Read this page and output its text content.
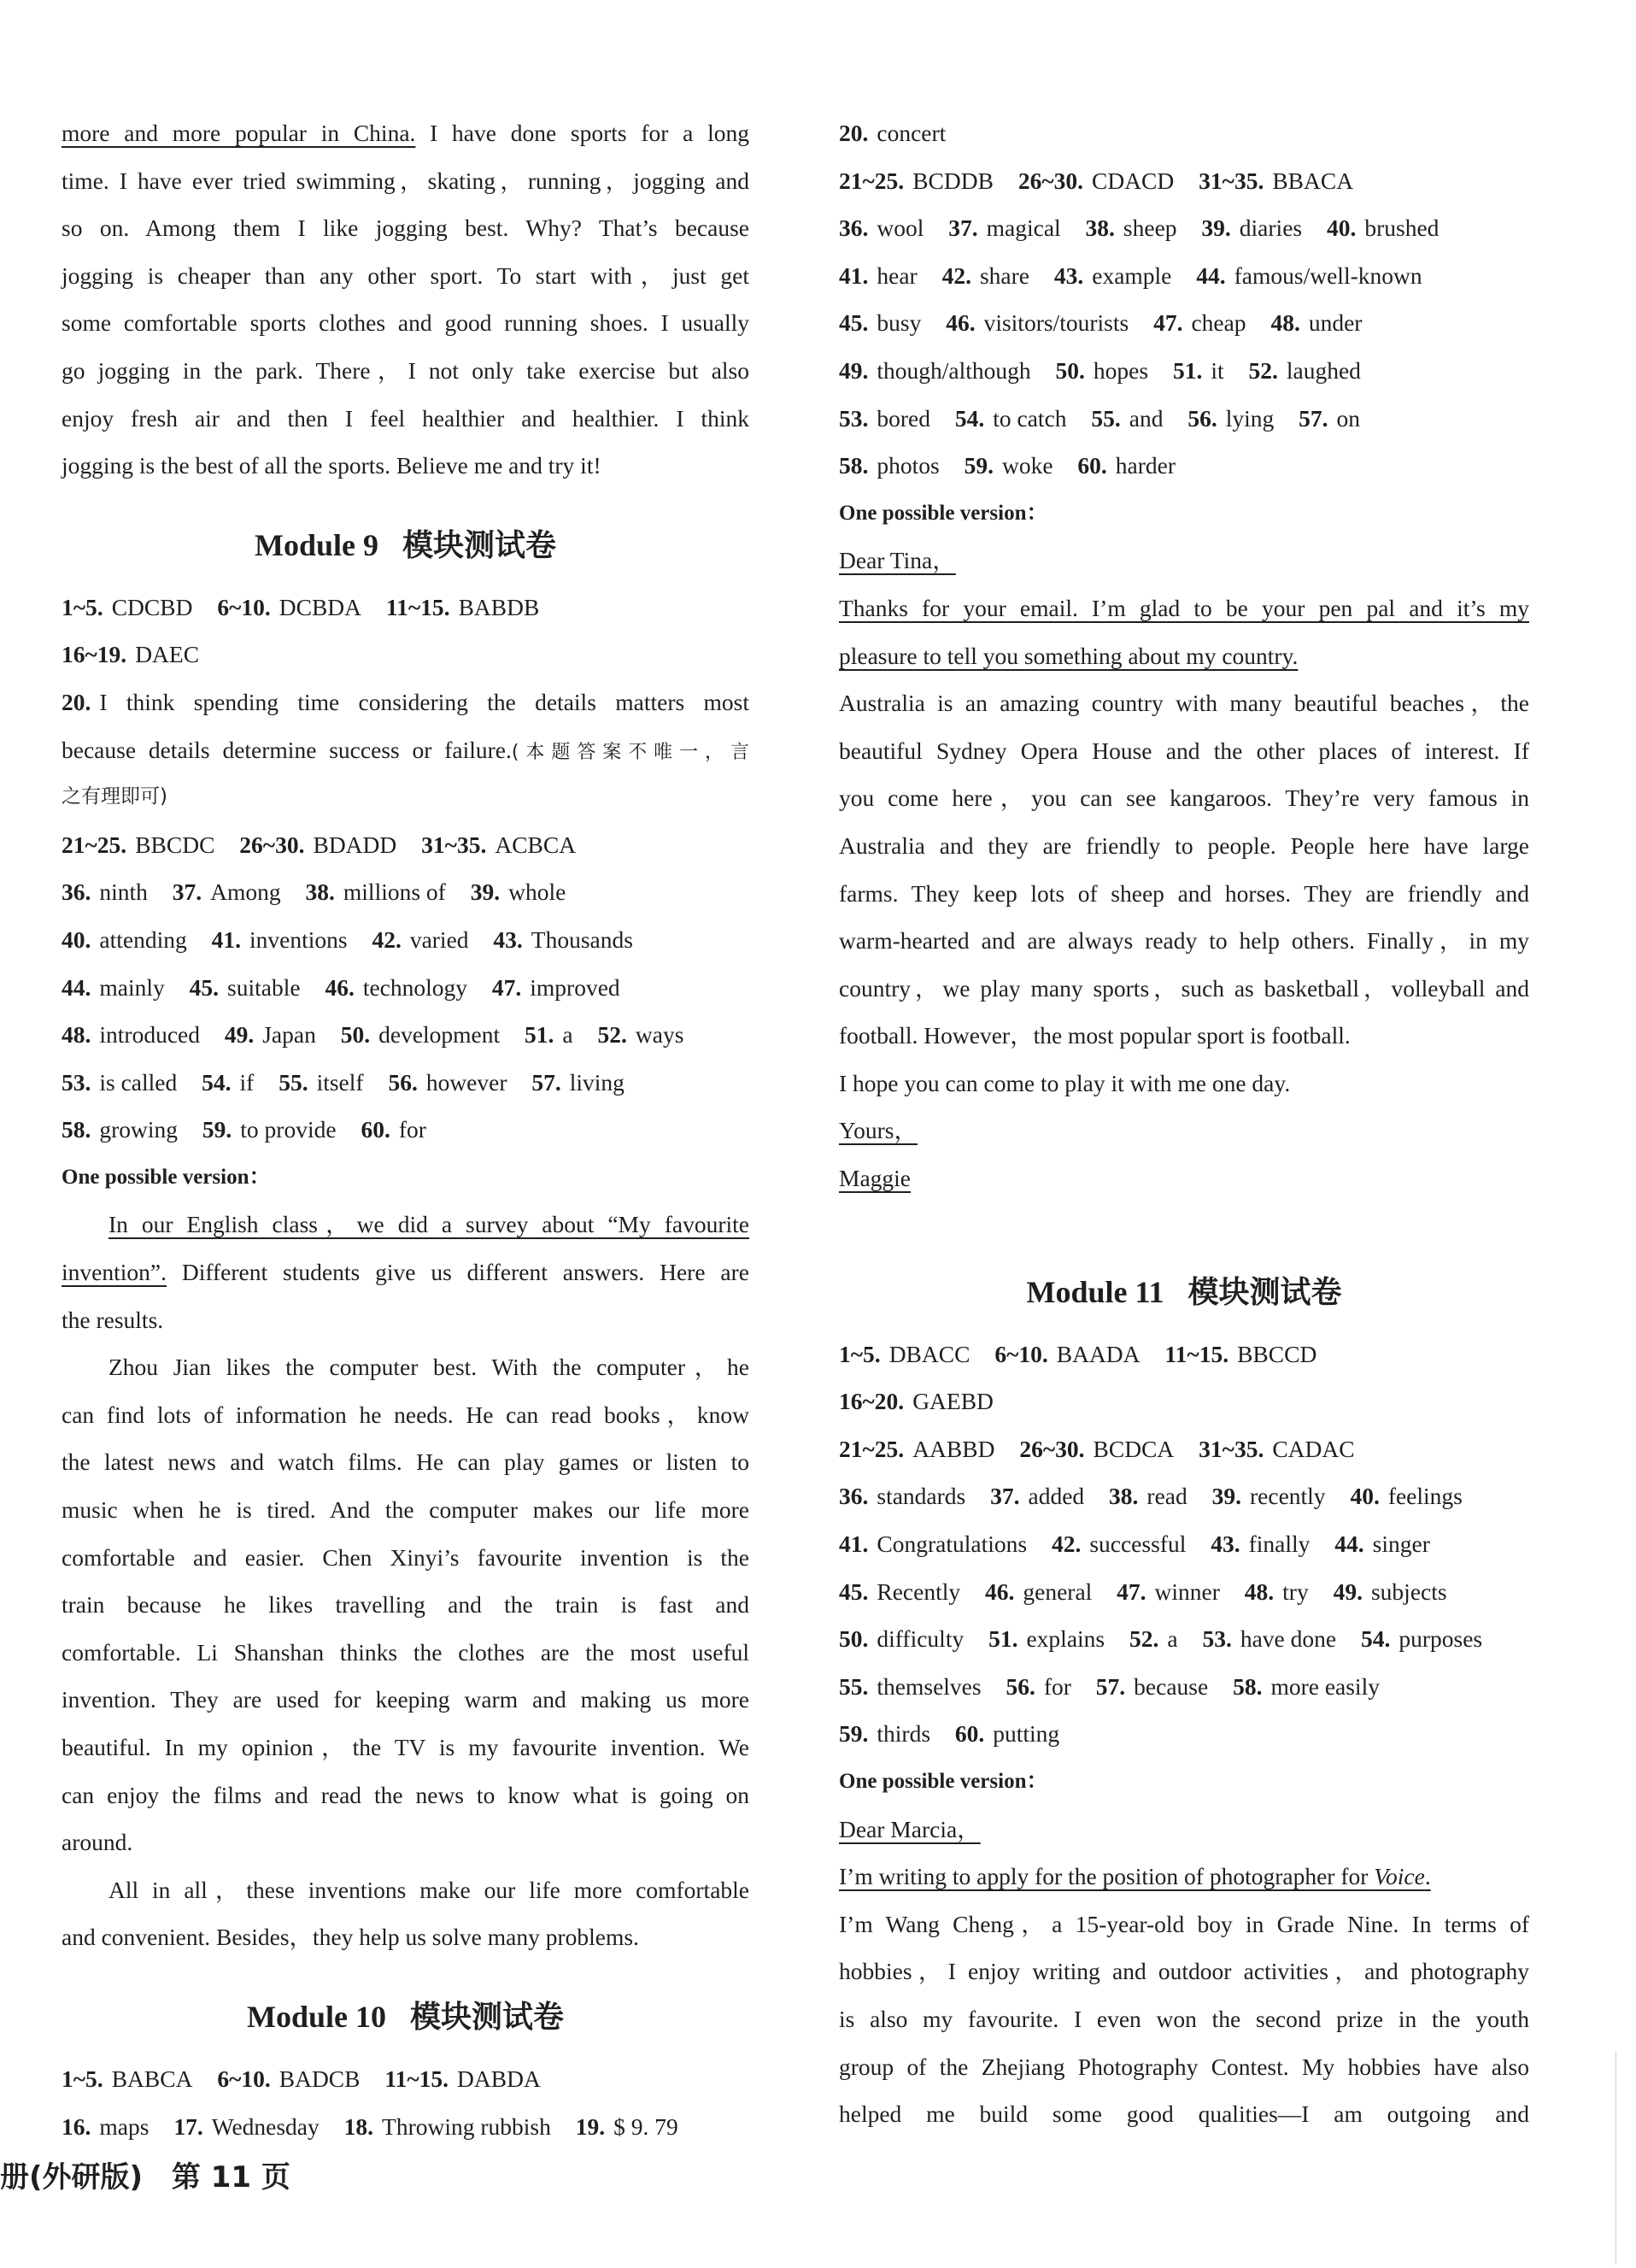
more and more popular in China. I have done sports for a long
time. I have ever tried swimming，skating，running，jogging and
so on. Among them I like jogging best. Why? That’s because
jogging is cheaper than any other sport. To start with，just get
some comfortable sports clothes and good running shoes. I usually
go jogging in the park. There，I not only take exercise but also
enjoy fresh air and then I feel healthier and healthier. I think
jogging is the best of all the sports. Believe me and try it!
Module 9 模块测试卷
1~5. CDCBD 6~10. DCBDA 11~15. BABDB
16~19. DAEC
20. I think spending time considering the details matters most
because details determine success or failure.(本题答案不唯一，言
之有理即可)
21~25. BBCDC 26~30. BDADD 31~35. ACBCA
36. ninth 37. Among 38. millions of 39. whole
40. attending 41. inventions 42. varied 43. Thousands
44. mainly 45. suitable 46. technology 47. improved
48. introduced 49. Japan 50. development 51. a 52. ways
53. is called 54. if 55. itself 56. however 57. living
58. growing 59. to provide 60. for
One possible version：
In our English class，we did a survey about “My favourite
invention”. Different students give us different answers. Here are
the results.
Zhou Jian likes the computer best. With the computer，he
can find lots of information he needs. He can read books，know
the latest news and watch films. He can play games or listen to
music when he is tired. And the computer makes our life more
comfortable and easier. Chen Xinyi’s favourite invention is the
train because he likes travelling and the train is fast and
comfortable. Li Shanshan thinks the clothes are the most useful
invention. They are used for keeping warm and making us more
beautiful. In my opinion，the TV is my favourite invention. We
can enjoy the films and read the news to know what is going on
around.
All in all，these inventions make our life more comfortable
and convenient. Besides，they help us solve many problems.
Module 10 模块测试卷
1~5. BABCA 6~10. BADCB 11~15. DABDA
16. maps 17. Wednesday 18. Throwing rubbish 19. $ 9. 79
20. concert
21~25. BCDDB 26~30. CDACD 31~35. BBACA
36. wool 37. magical 38. sheep 39. diaries 40. brushed
41. hear 42. share 43. example 44. famous/well-known
45. busy 46. visitors/tourists 47. cheap 48. under
49. though/although 50. hopes 51. it 52. laughed
53. bored 54. to catch 55. and 56. lying 57. on
58. photos 59. woke 60. harder
One possible version：
Dear Tina，
Thanks for your email. I’m glad to be your pen pal and it’s my
pleasure to tell you something about my country.
Australia is an amazing country with many beautiful beaches，the
beautiful Sydney Opera House and the other places of interest. If
you come here，you can see kangaroos. They’re very famous in
Australia and they are friendly to people. People here have large
farms. They keep lots of sheep and horses. They are friendly and
warm-hearted and are always ready to help others. Finally，in my
country，we play many sports，such as basketball，volleyball and
football. However，the most popular sport is football.
I hope you can come to play it with me one day.
Yours，
Maggie
Module 11 模块测试卷
1~5. DBACC 6~10. BAADA 11~15. BBCCD
16~20. GAEBD
21~25. AABBD 26~30. BCDCA 31~35. CADAC
36. standards 37. added 38. read 39. recently 40. feelings
41. Congratulations 42. successful 43. finally 44. singer
45. Recently 46. general 47. winner 48. try 49. subjects
50. difficulty 51. explains 52. a 53. have done 54. purposes
55. themselves 56. for 57. because 58. more easily
59. thirds 60. putting
One possible version：
Dear Marcia，
I’m writing to apply for the position of photographer for Voice.
I’m Wang Cheng，a 15-year-old boy in Grade Nine. In terms of
hobbies，I enjoy writing and outdoor activities，and photography
is also my favourite. I even won the second prize in the youth
group of the Zhejiang Photography Contest. My hobbies have also
helped me build some good qualities—I am outgoing and
册(外研版) 第 11 页
